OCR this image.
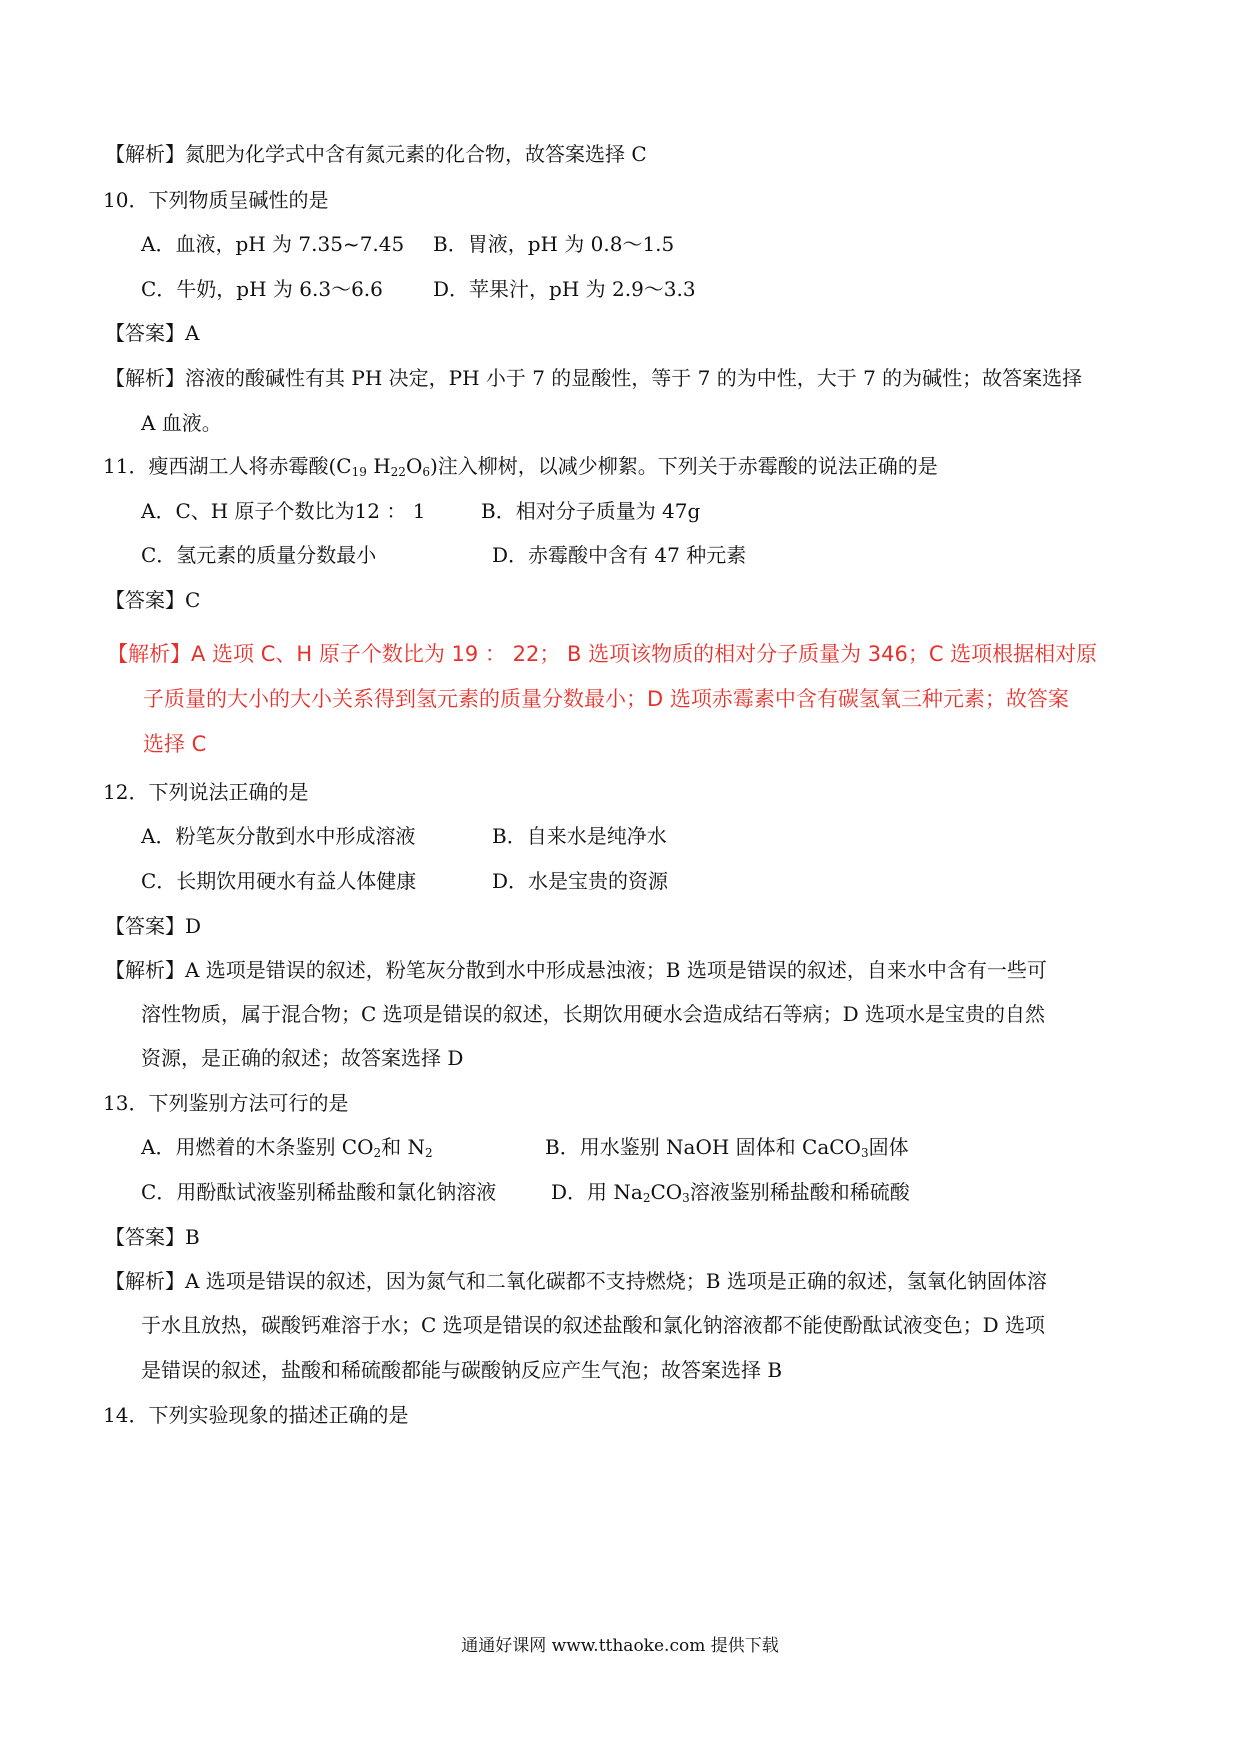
【解析】氮肥为化学式中含有氮元素的化合物，故答案选择 C
10．下列物质呈碱性的是
A．血液，pH 为 7.35~7.45 B．胃液，pH 为 0.8～1.5
C．牛奶，pH 为 6.3～6.6	D．苹果汁，pH 为 2.9～3.3
【答案】A
【解析】溶液的酸碱性有其 PH 决定，PH 小于 7 的显酸性，等于 7 的为中性，大于 7 的为碱性；故答案选择
A 血液。
11．瘦西湖工人将赤霉酸($C_{19}$ $H_{22}O_6$)注入柳树，以减少柳絮。下列关于赤霉酸的说法正确的是
A．C、H 原子个数比为12 ： 1	B．相对分子质量为 47g
C．氢元素的质量分数最小	D．赤霉酸中含有 47 种元素
【答案】C
【解析】A 选项 C、H 原子个数比为 19 ： 22； B 选项该物质的相对分子质量为 346；C 选项根据相对原
子质量的大小的大小关系得到氢元素的质量分数最小；D 选项赤霉素中含有碳氢氧三种元素；故答案
选择 C
12．下列说法正确的是
A．粉笔灰分散到水中形成溶液	B．自来水是纯净水
C．长期饮用硬水有益人体健康	D．水是宝贵的资源
【答案】D
【解析】A 选项是错误的叙述，粉笔灰分散到水中形成悬浊液；B 选项是错误的叙述，自来水中含有一些可
溶性物质，属于混合物；C 选项是错误的叙述，长期饮用硬水会造成结石等病；D 选项水是宝贵的自然
资源，是正确的叙述；故答案选择 D
13．下列鉴别方法可行的是
A．用燃着的木条鉴别 $CO_2$和 $N_2$	B．用水鉴别 NaOH 固体和 CaCO$_3$固体
C．用酚酞试液鉴别稀盐酸和氯化钠溶液	D．用 $Na_2CO_3$溶液鉴别稀盐酸和稀硫酸
【答案】B
【解析】A 选项是错误的叙述，因为氮气和二氧化碳都不支持燃烧；B 选项是正确的叙述，氢氧化钠固体溶
于水且放热，碳酸钙难溶于水；C 选项是错误的叙述盐酸和氯化钠溶液都不能使酚酞试液变色；D 选项
是错误的叙述，盐酸和稀硫酸都能与碳酸钠反应产生气泡；故答案选择 B
14．下列实验现象的描述正确的是
通通好课网 www.tthaoke.com 提供下载
